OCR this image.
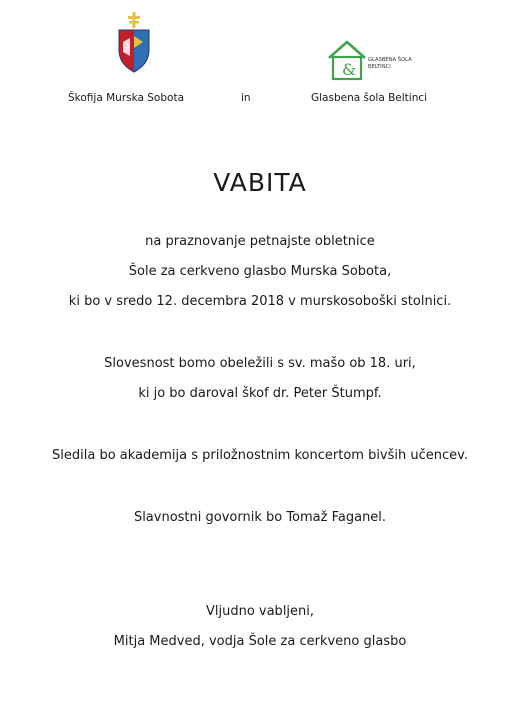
& GLASBENA ŠOLA
BELTINCI
Škofija Murska Sobota	in	Glasbena šola Beltinci
VABITA
na praznovanje petnajste obletnice
Šole za cerkveno glasbo Murska Sobota,
ki bo v sredo 12. decembra 2018 v murskosoboški stolnici.
Slovesnost bomo obeležili s sv. mašo ob 18. uri,
ki jo bo daroval škof dr. Peter Štumpf.
Sledila bo akademija s priložnostnim koncertom bivših učencev.
Slavnostni govornik bo Tomaž Faganel.
Vljudno vabljeni,
Mitja Medved, vodja Šole za cerkveno glasbo
